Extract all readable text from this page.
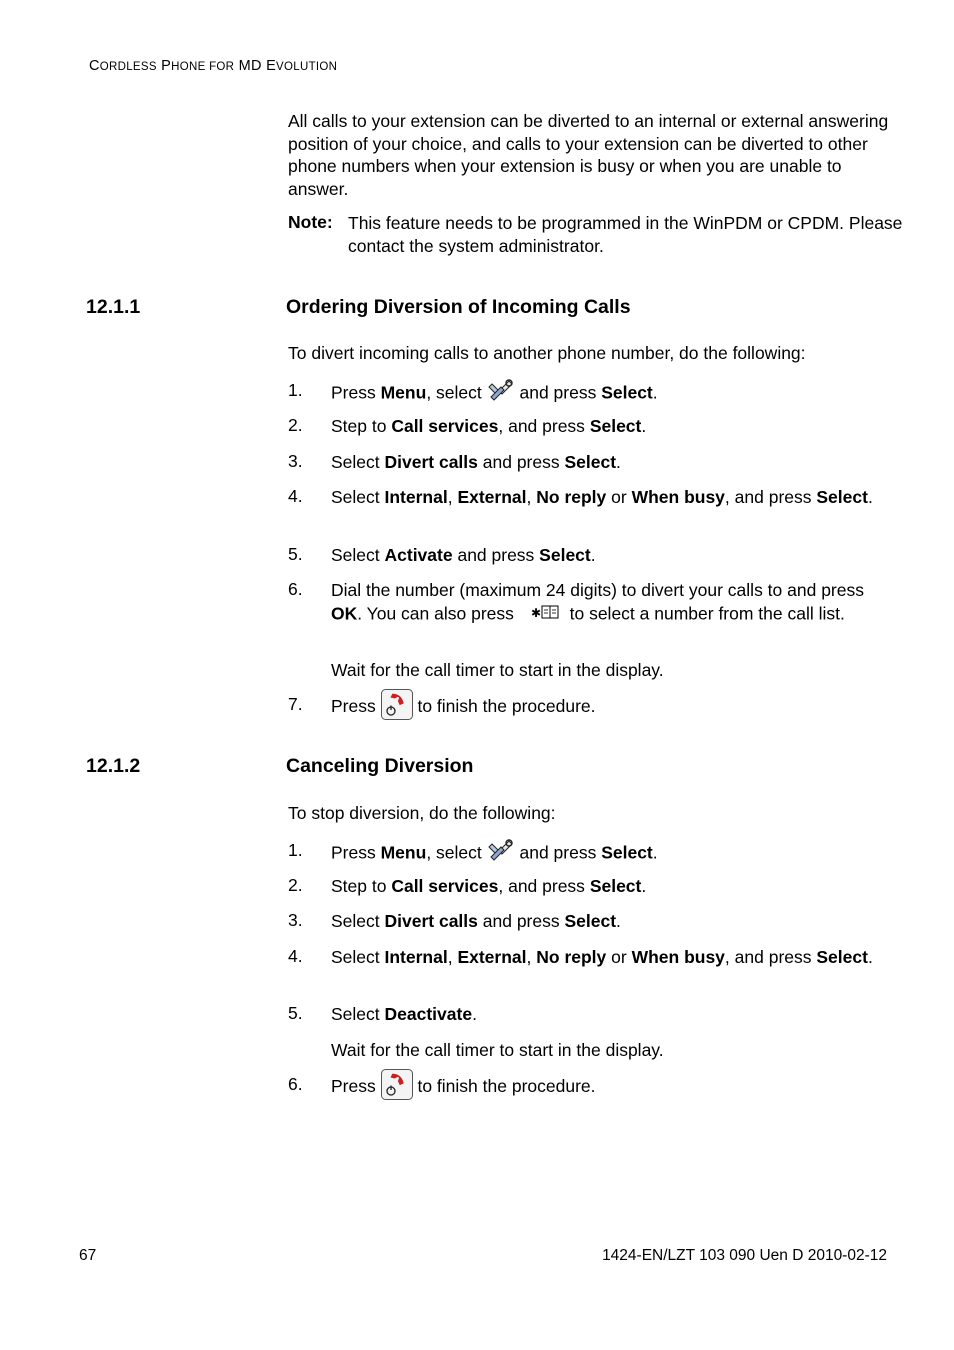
CORDLESS PHONE FOR MD EVOLUTION
All calls to your extension can be diverted to an internal or external answering position of your choice, and calls to your extension can be diverted to other phone numbers when your extension is busy or when you are unable to answer.
Note: This feature needs to be programmed in the WinPDM or CPDM. Please contact the system administrator.
12.1.1	Ordering Diversion of Incoming Calls
To divert incoming calls to another phone number, do the following:
1. Press Menu, select  and press Select.
2. Step to Call services, and press Select.
3. Select Divert calls and press Select.
4. Select Internal, External, No reply or When busy, and press Select.
5. Select Activate and press Select.
6. Dial the number (maximum 24 digits) to divert your calls to and press OK. You can also press ✱ to select a number from the call list.
Wait for the call timer to start in the display.
7. Press  to finish the procedure.
12.1.2	Canceling Diversion
To stop diversion, do the following:
1. Press Menu, select  and press Select.
2. Step to Call services, and press Select.
3. Select Divert calls and press Select.
4. Select Internal, External, No reply or When busy, and press Select.
5. Select Deactivate.
Wait for the call timer to start in the display.
6. Press  to finish the procedure.
67	1424-EN/LZT 103 090 Uen D 2010-02-12
